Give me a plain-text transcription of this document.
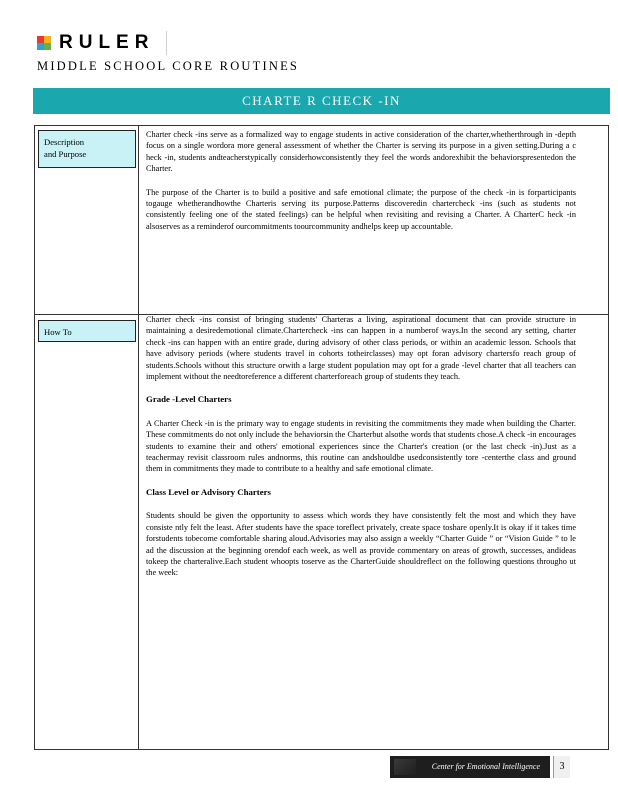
RULER
MIDDLE SCHOOL CORE ROUTINES
CHARTE R CHECK -IN
Description
and Purpose

Charter check -ins serve as a formalized way to engage students in active consideration of the charter,whetherthrough in -depth focus on a single wordora more general assessment of whether the Charter is serving its purpose in a given setting.During a c heck -in, students andteacherstypically considerhowconsistently they feel the words andorexhibit the behaviorspresentedon the Charter.

The purpose of the Charter is to build a positive and safe emotional climate; the purpose of the check -in is forparticipants togauge whetherandhowthe Charteris serving its purpose.Patterns discoveredin chartercheck -ins (such as students not consistently feeling one of the stated feelings) can be helpful when revisiting and revising a Charter. A CharterC heck -in alsoserves as a reminderof ourcommitments toourcommunity andhelps keep up accountable.

How To

Charter check -ins consist of bringing students' Charteras a living, aspirational document that can provide structure in maintaining a desiredemotional climate.Chartercheck -ins can happen in a numberof ways.In the second ary setting, charter check -ins can happen with an entire grade, during advisory of other class periods, or within an academic lesson. Schools that have advisory periods (where students travel in cohorts totheirclasses) may opt foran advisory chartersfo reach group of students.Schools without this structure orwith a large student population may opt for a grade -level charter that all teachers can implement without the needtoreference a different charterforeach group of students they teach.

Grade -Level Charters

A Charter Check -in is the primary way to engage students in revisiting the commitments they made when building the Charter. These commitments do not only include the behaviorsin the Charterbut alsothe words that students chose.A check -in encourages students to examine their and others' emotional experiences since the Charter's creation (or the last check -in).Just as a teachermay revisit classroom rules andnorms, this routine can andshouldbe usedconsistently tore -centerthe class and ground them in commitments they made to contribute to a healthy and safe emotional climate.

Class Level or Advisory Charters

Students should be given the opportunity to assess which words they have consistently felt the most and which they have consiste ntly felt the least. After students have the space toreflect privately, create space toshare openly.It is okay if it takes time forstudents tobecome comfortable sharing aloud.Advisories may also assign a weekly “Charter Guide ” or “Vision Guide ” to le ad the discussion at the beginning orendof each week, as well as provide commentary on areas of growth, successes, andideas tokeep the charteralive.Each student whoopts toserve as the CharterGuide shouldreflect on the following questions througho ut the week:

Center for Emotional Intelligence	3
